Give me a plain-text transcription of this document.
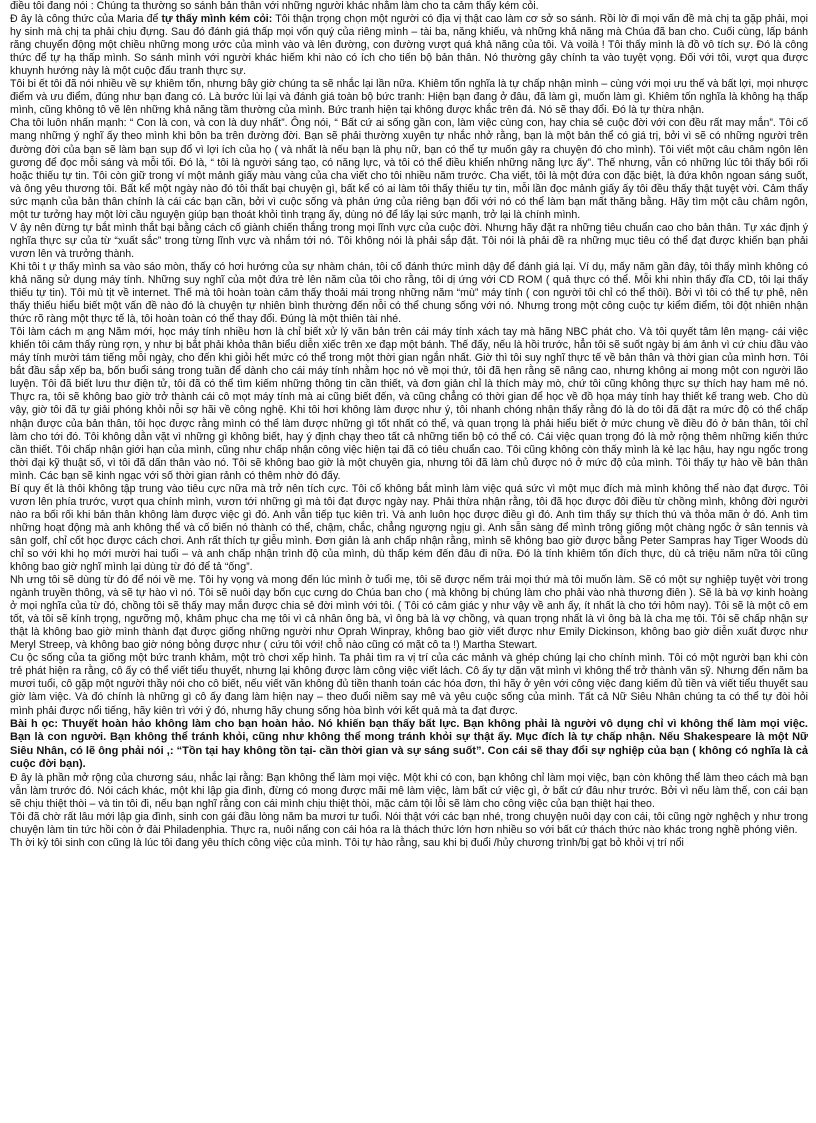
điều tôi đang nói : Chúng ta thường so sánh bản thân với những người khác nhằm làm cho ta cảm thấy kém cỏi.

Đ ây là công thức của Maria để tự thấy mình kém cỏi: Tôi thận trọng chọn một người có địa vị thật cao làm cơ sở so sánh. Rồi lờ đi mọi vấn đề mà chị ta gặp phải, mọi hy sinh mà chị ta phải chịu đựng. Sau đó đánh giá thấp mọi vốn quý của riêng mình – tài ba, năng khiếu, và những khả năng mà Chúa đã ban cho. Cuối cùng, lấp bánh răng chuyển động một chiều những mong ước của mình vào và lên đường, con đường vượt quá khả năng của tôi. Và voilà ! Tôi thấy mình là đồ vô tích sự. Đó là công thức để tự hạ thấp mình. So sánh mình với người khác hiếm khi nào có ích cho tiến bộ bản thân. Nó thường gây chính ta vào tuyệt vọng. Đối với tôi, vượt qua được khuynh hướng này là một cuộc đấu tranh thực sự.

Tôi bi ết tôi đã nói nhiều về sự khiêm tốn, nhưng bây giờ chúng ta sẽ nhắc lại lần nữa. Khiêm tốn nghĩa là tự chấp nhận mình – cùng với mọi ưu thế và bất lợi, mọi nhược điểm và ưu điểm, đúng như bạn đang có. Là bước lùi lại và đánh giá toàn bộ bức tranh: Hiện bạn đang ở đâu, đã làm gì, muốn làm gì. Khiêm tốn nghĩa là không hạ thấp mình, cũng không tô vẽ lên những khả năng tầm thường của mình. Bức tranh hiện tại không được khắc trên đá. Nó sẽ thay đổi. Đó là tự thừa nhận.

Cha tôi luôn nhấn mạnh: “ Con là con, và con là duy nhất”. Ông nói, “ Bất cứ ai sống gần con, làm việc cùng con, hay chia sẻ cuộc đời với con đều rất may mắn”. Tôi cố mang những ý nghĩ ấy theo mình khi bôn ba trên đường đời. Bạn sẽ phải thường xuyên tự nhắc nhở rằng, bạn là một bản thể có giá trị, bởi vì sẽ có những người trên đường đời của bạn sẽ làm bạn sụp đổ vì lợi ích của họ ( và nhất là nếu bạn là phụ nữ, bạn có thể tự muốn gây ra chuyện đó cho mình). Tôi viết một câu châm ngôn lên gương để đọc mỗi sáng và mỗi tối. Đó là, “ tôi là người sáng tạo, có năng lực, và tôi có thể điều khiển những năng lực ấy”. Thế nhưng, vẫn có những lúc tôi thấy bối rối hoặc thiếu tự tin. Tôi còn giữ trong ví một mảnh giấy màu vàng của cha viết cho tôi nhiều năm trước. Cha viết, tôi là một đứa con đặc biệt, là đứa khôn ngoan sáng suốt, và ông yêu thương tôi. Bất kể một ngày nào đó tôi thất bại chuyện gì, bất kể có ai làm tôi thấy thiếu tự tin, mỗi lần đọc mảnh giấy ấy tôi đều thấy thật tuyệt vời. Cảm thấy sức mạnh của bản thân chính là cái các bạn cần, bởi vì cuộc sống và phản ứng của riêng bạn đối với nó có thể làm bạn mất thăng bằng. Hãy tìm một câu châm ngôn, một tư tưởng hay một lời cầu nguyện giúp bạn thoát khỏi tình trạng ấy, dùng nó để lấy lại sức mạnh, trở lại là chính mình.

V ậy nên đừng tự bắt mình thắt bại bằng cách cố giành chiến thắng trong mọi lĩnh vực của cuộc đời. Nhưng hãy đặt ra những tiêu chuẩn cao cho bản thân. Tự xác định ý nghĩa thực sự của từ “xuất sắc” trong từng lĩnh vực và nhắm tới nó. Tôi không nói là phải sắp đặt. Tôi nói là phải đề ra những mục tiêu có thể đạt được khiến bạn phải vươn lên và trưởng thành.

Khi tôi t ự thấy mình sa vào sáo mòn, thấy có hơi hướng của sự nhàm chán, tôi cố đánh thức mình dậy để đánh giá lại. Ví dụ, mấy năm gần đây, tôi thấy mình không có khả năng sử dụng máy tính. Những suy nghĩ của một đứa trẻ lên năm của tôi cho rằng, tôi dị ứng với CD ROM ( quả thực có thể. Mỗi khi nhìn thấy đĩa CD, tôi lại thấy thiếu tự tin). Tôi mù tịt về internet. Thế mà tôi hoàn toàn cảm thấy thoải mái trong những năm “mù” máy tính ( con người tôi chỉ có thể thôi). Bởi vì tôi có thể tự phê, nên thấy thiếu hiểu biết một vấn đề nào đó là chuyện tự nhiên bình thường đến nỗi có thể chung sống với nó. Nhưng trong một công cuộc tự kiểm điểm, tôi đột nhiên nhận thức rõ ràng một thực tế là, tôi hoàn toàn có thể thay đổi. Đúng là một thiên tài nhé.

Tôi làm cách m ạng Năm mới, học máy tính nhiều hơn là chỉ biết xử lý văn bản trên cái máy tính xách tay mà hãng NBC phát cho. Và tôi quyết tâm lên mạng- cái việc khiến tôi cảm thấy rùng rợn, y như bị bắt phải khỏa thân biểu diễn xiếc trên xe đạp một bánh. Thế đấy, nếu là hồi trước, hẳn tôi sẽ suốt ngày bị ám ảnh vì cứ chiu đầu vào máy tính mười tám tiếng mỗi ngày, cho đến khi giỏi hết mức có thể trong một thời gian ngắn nhất. Giờ thì tôi suy nghĩ thực tế về bản thân và thời gian của mình hơn. Tôi bắt đầu sắp xếp ba, bốn buổi sáng trong tuần để dành cho cái máy tính nhằm học nó về mọi thứ, tôi đã hẹn rằng sẽ nâng cao, nhưng không ai mong một con người lão luyện. Tôi đã biết lưu thư điện tử, tôi đã có thể tìm kiếm những thông tin cần thiết, và đơn giản chỉ là thích mày mò, chứ tôi cũng không thực sự thích hay ham mê nó. Thực ra, tôi sẽ không bao giờ trở thành cái cô mọt máy tính mà ai cũng biết đến, và cũng chẳng có thời gian để học về đồ họa máy tính hay thiết kế trang web. Cho dù vậy, giờ tôi đã tự giải phóng khỏi nỗi sợ hãi về công nghệ. Khi tôi hơi không làm được như ý, tôi nhanh chóng nhận thấy rằng đó là do tôi đã đặt ra mức độ có thể chấp nhận được của bản thân, tôi học được rằng mình có thể làm được những gì tốt nhất có thể, và quan trọng là phải hiểu biết ở mức chung về điều đó ở bản thân, tôi chỉ làm cho tới đó. Tôi không dằn vặt vì những gì không biết, hay ý định chạy theo tất cả những tiến bộ có thể có. Cái việc quan trọng đó là mở rộng thêm những kiến thức cần thiết. Tôi chấp nhận giới hạn của mình, cũng như chấp nhận công việc hiện tại đã có tiêu chuẩn cao. Tôi cũng không còn thấy mình là kẻ lạc hậu, hay ngu ngốc trong thời đại kỹ thuật số, vì tôi đã dấn thân vào nó. Tôi sẽ không bao giờ là một chuyên gia, nhưng tôi đã làm chủ được nó ở mức độ của mình. Tôi thấy tự hào về bản thân mình. Các bạn sẽ kinh ngạc với số thời gian rảnh có thêm nhờ đó đấy.

Bí quy ết là thôi không tập trung vào tiêu cực nữa mà trở nên tích cực. Tôi cố không bắt mình làm việc quá sức vì một mục đích mà mình không thể nào đạt được. Tôi vươn lên phía trước, vượt qua chính mình, vươn tới những gì mà tôi đạt được ngày nay. Phải thừa nhận rằng, tôi đã học được đôi điều từ chồng mình, không đời người nào ra bối rối khi bản thân không làm được việc gì đó. Anh vẫn tiếp tục kiên trì. Và anh luôn học được điều gì đó. Anh tìm thấy sự thích thú và thỏa mãn ở đó. Anh tìm những hoạt động mà anh không thể và cố biến nó thành có thể, chậm, chắc, chẳng ngượng ngịu gì. Anh sẵn sàng để mình trông giống một chàng ngốc ở sân tennis và sân golf, chỉ cốt học được cách chơi. Anh rất thích tự giễu mình. Đơn giản là anh chấp nhận rằng, mình sẽ không bao giờ được bằng Peter Sampras hay Tiger Woods dù chỉ so với khi họ mới mười hai tuổi – và anh chấp nhận trình độ của mình, dù thấp kém đến đâu đi nữa. Đó là tính khiêm tốn đích thực, dù cả triệu năm nữa tôi cũng không bao giờ nghĩ mình lại dùng từ đó để tả “ống”.

Nh ưng tôi sẽ dùng từ đó để nói về mẹ. Tôi hy vọng và mong đến lúc mình ở tuổi mẹ, tôi sẽ được nếm trải mọi thứ mà tôi muốn làm. Sẽ có một sự nghiệp tuyệt vời trong ngành truyền thông, và sẽ tự hào vì nó. Tôi sẽ nuôi dạy bốn cục cưng do Chúa ban cho ( mà không bị chúng làm cho phải vào nhà thương điên ). Sẽ là bà vợ kinh hoàng ở mọi nghĩa của từ đó, chồng tôi sẽ thấy may mắn được chia sẻ đời mình với tôi. ( Tôi có cảm giác y như vậy về anh ấy, ít nhất là cho tới hôm nay). Tôi sẽ là một cô em tốt, và tôi sẽ kính trọng, ngưỡng mộ, khâm phục cha mẹ tôi vì cả nhân ông bà, vì ông bà là vợ chồng, và quan trọng nhất là vì ông bà là cha mẹ tôi. Tôi sẽ chấp nhận sự thật là không bao giờ mình thành đạt được giống những người như Oprah Winpray, không bao giờ viết được như Emily Dickinson, không bao giờ diễn xuất được như Meryl Streep, và không bao giờ nóng bỏng được như ( cứu tôi với! chỗ nào cũng có mặt cô ta !) Martha Stewart.

Cu ộc sống của ta giống một bức tranh khảm, một trò chơi xếp hình. Ta phải tìm ra vị trí của các mảnh và ghép chúng lại cho chính mình. Tôi có một người bạn khi còn trẻ phát hiện ra rằng, cô ấy có thể viết tiểu thuyết, nhưng lại không được làm công việc viết lách. Cô ấy tự dặn vặt mình vì không thể trở thành văn sỹ. Nhưng đến năm ba mươi tuổi, cô gặp một người thầy nói cho cô biết, nếu viết văn không đủ tiền thanh toán các hóa đơn, thì hãy ở yên với công việc đang kiếm đủ tiền và viết tiểu thuyết sau giờ làm việc. Và đó chính là những gì cô ấy đang làm hiện nay – theo đuổi niềm say mê và yêu cuộc sống của mình. Tất cả Nữ Siêu Nhân chúng ta có thể tự đòi hỏi mình phải được nổi tiếng, hãy kiên trì với ý đó, nhưng hãy chung sống hòa bình với kết quả mà ta đạt được.

Bài h ọc: Thuyết hoàn hảo không làm cho bạn hoàn hảo. Nó khiến bạn thấy bất lực. Bạn không phải là người vô dụng chỉ vì không thể làm mọi việc. Bạn là con người. Bạn không thể tránh khỏi, cũng như không thể mong tránh khỏi sự thật ấy. Mục đích là tự chấp nhận. Nếu Shakespeare là một Nữ Siêu Nhân, có lẽ ông phải nói ,: “Tồn tại hay không tồn tại- cần thời gian và sự sáng suốt”. Con cái sẽ thay đổi sự nghiệp của bạn ( không có nghĩa là cả cuộc đời bạn).

Đ ây là phần mở rộng của chương sáu, nhắc lại rằng: Bạn không thể làm mọi việc. Một khi có con, bạn không chỉ làm mọi việc, bạn còn không thể làm theo cách mà bạn vẫn làm trước đó. Nói cách khác, một khi lập gia đình, đừng có mong được mãi mê làm việc, làm bất cứ việc gì, ở bất cứ đâu như trước. Bởi vì nếu làm thế, con cái bạn sẽ chịu thiệt thòi – và tin tôi đi, nếu bạn nghĩ rằng con cái mình chịu thiệt thòi, mặc cảm tội lỗi sẽ làm cho công việc của bạn thiệt hại theo.

Tôi đã chờ rất lâu mới lập gia đình, sinh con gái đầu lòng năm ba mươi tư tuổi. Nói thật với các bạn nhé, trong chuyện nuôi dạy con cái, tôi cũng ngờ nghệch y như trong chuyện làm tin tức hồi còn ở đài Philadenphia. Thực ra, nuôi nấng con cái hóa ra là thách thức lớn hơn nhiều so với bất cứ thách thức nào khác trong nghề phóng viên.

Th ời kỳ tôi sinh con cũng là lúc tôi đang yêu thích công việc của mình. Tôi tự hào rằng, sau khi bị đuổi /hủy chương trình/bị gạt bỏ khỏi vị trí nổi
